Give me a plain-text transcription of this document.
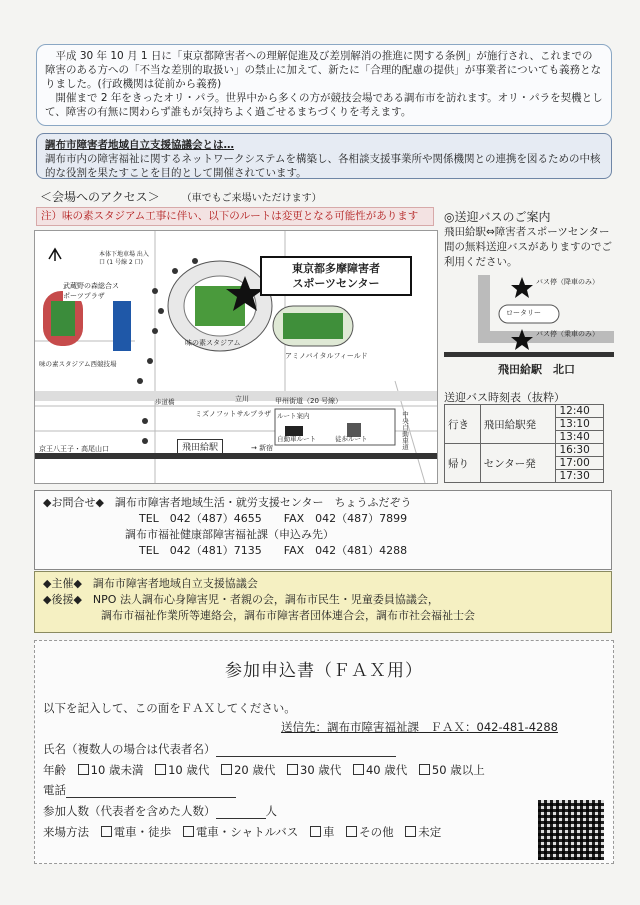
平成 30 年 10 月 1 日に「東京都障害者への理解促進及び差別解消の推進に関する条例」が施行され、これまでの障害のある方への「不当な差別的取扱い」の禁止に加えて、新たに「合理的配慮の提供」が事業者についても義務となりました。(行政機関は従前から義務)
開催まで 2 年をきったオリ・パラ。世界中から多くの方が競技会場である調布市を訪れます。オリ・パラを契機として、障害の有無に関わらず誰もが気持ちよく過ごせるまちづくりを考えます。
調布市障害者地域自立支援協議会とは…
調布市内の障害福祉に関するネットワークシステムを構築し、各相談支援事業所や関係機関との連携を図るための中核的な役割を果たすことを目的として開催されています。
＜会場へのアクセス＞ （車でもご来場いただけます）
注）味の素スタジアム工事に伴い、以下のルートは変更となる可能性があります
東京都多摩障害者
スポーツセンター
味の素スタジアム
アミノバイタルフィールド
武蔵野の森総合スポーツプラザ
味の素スタジアム西競技場
本体下地車場 出入口 (1 号線 2 口)
ミズノフットサルプラザ
甲州街道（20 号線）
立川
歩道橋
中央自動車道
ルート案内
自動車ルート	徒歩ルート
飛田給駅	→ 新宿
京王八王子・高尾山口
◎送迎バスのご案内
飛田給駅⇔障害者スポーツセンター間の無料送迎バスがありますのでご利用ください。
バス停（降車のみ）
ロータリー
バス停（乗車のみ）
飛田給駅　北口
送迎バス時刻表（抜粋）
行き	飛田給駅発	12:40
		13:10
		13:40
帰り	センター発	16:30
		17:00
		17:30
◆お問合せ◆　 調布市障害者地域生活・就労支援センター　ちょうふだぞう
TEL　042（487）4655　　 FAX　042（487）7899
調布市福祉健康部障害福祉課（申込み先）
TEL　042（481）7135　　 FAX　042（481）4288
◆主催◆　 調布市障害者地域自立支援協議会
◆後援◆　 NPO 法人調布心身障害児・者親の会，調布市民生・児童委員協議会，
調布市福祉作業所等連絡会，調布市障害者団体連合会，調布市社会福祉士会
参加申込書（ＦＡＸ用）
以下を記入して、この面をＦＡＸしてください。
送信先：調布市障害福祉課　ＦＡＸ：042-481-4288
氏名（複数人の場合は代表者名）
年齢 10 歳未満 10 歳代 20 歳代 30 歳代 40 歳代 50 歳以上
電話
参加人数（代表者を含めた人数）	人
来場方法 電車・徒歩 電車・シャトルバス 車 その他 未定
